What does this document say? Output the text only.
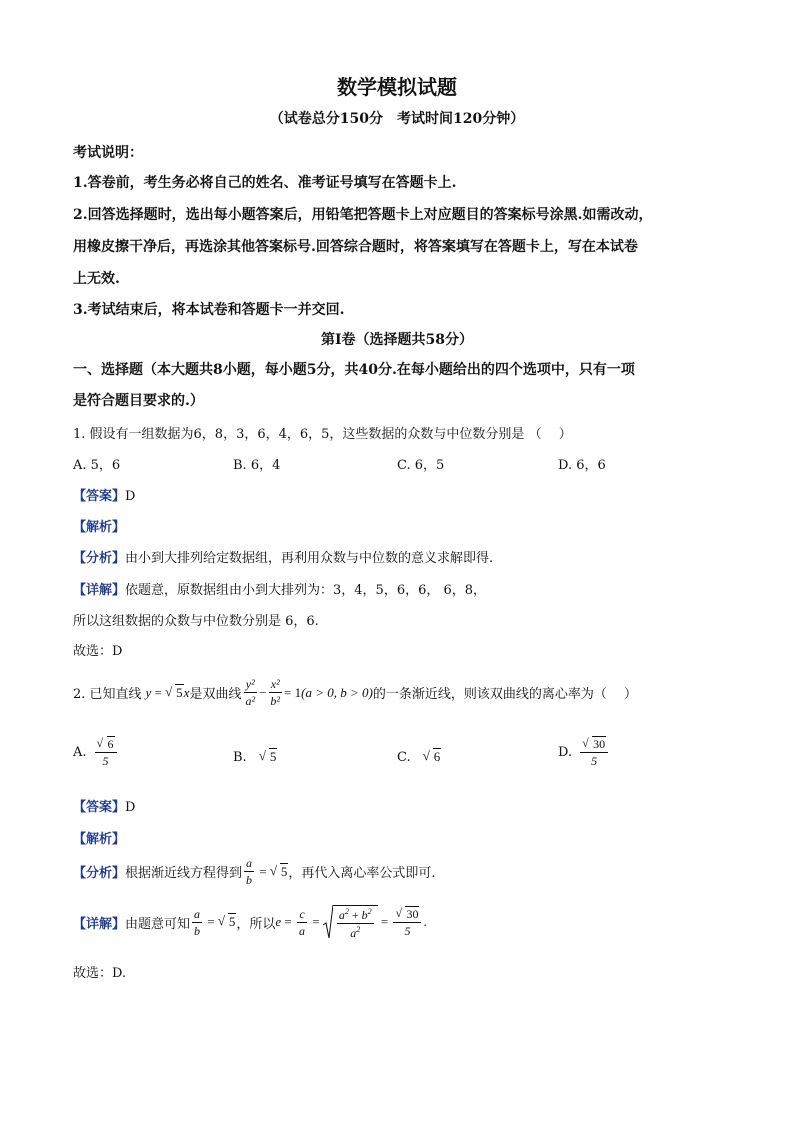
数学模拟试题
（试卷总分150分　考试时间120分钟）
考试说明：
1.答卷前，考生务必将自己的姓名、准考证号填写在答题卡上.
2.回答选择题时，选出每小题答案后，用铅笔把答题卡上对应题目的答案标号涂黑.如需改动，
用橡皮擦干净后，再选涂其他答案标号.回答综合题时，将答案填写在答题卡上，写在本试卷
上无效.
3.考试结束后，将本试卷和答题卡一并交回.
第Ⅰ卷（选择题共58分）
一、选择题（本大题共8小题，每小题5分，共40分.在每小题给出的四个选项中，只有一项
是符合题目要求的.）
1. 假设有一组数据为6，8，3，6，4，6，5，这些数据的众数与中位数分别是 （　 ）
A. 5，6	B. 6，4	C. 6，5	D. 6，6
【答案】D
【解析】
【分析】由小到大排列给定数据组，再利用众数与中位数的意义求解即得.
【详解】依题意，原数据组由小到大排列为：3，4，5，6，6， 6，8，
所以这组数据的众数与中位数分别是 6，6.
故选：D
2. 已知直线 y = √ 5x 是双曲线 $\frac{\text{y²}}{\text{a²}} - \frac{\text{x²}}{\text{b²}} = 1$ (a > 0, b > 0) 的一条渐近线，则该双曲线的离心率为（　 ）
A. √ $\frac{6}{5}$	B. √ 5	C. √ 6	D. √ $\frac{30}{5}$
【答案】D
【解析】
【分析】 根据渐近线方程得到 $\frac{a}{b}$ = √ 5 ，再代入离心率公式即可.
【详解】 由题意可知 $\frac{a}{b}$ = √ 5 ，所以 $e = \frac{c}{a} = \frac{a^2 + b^2}{a^2}$ = √ $\frac{30}{5}$ .
故选：D.
